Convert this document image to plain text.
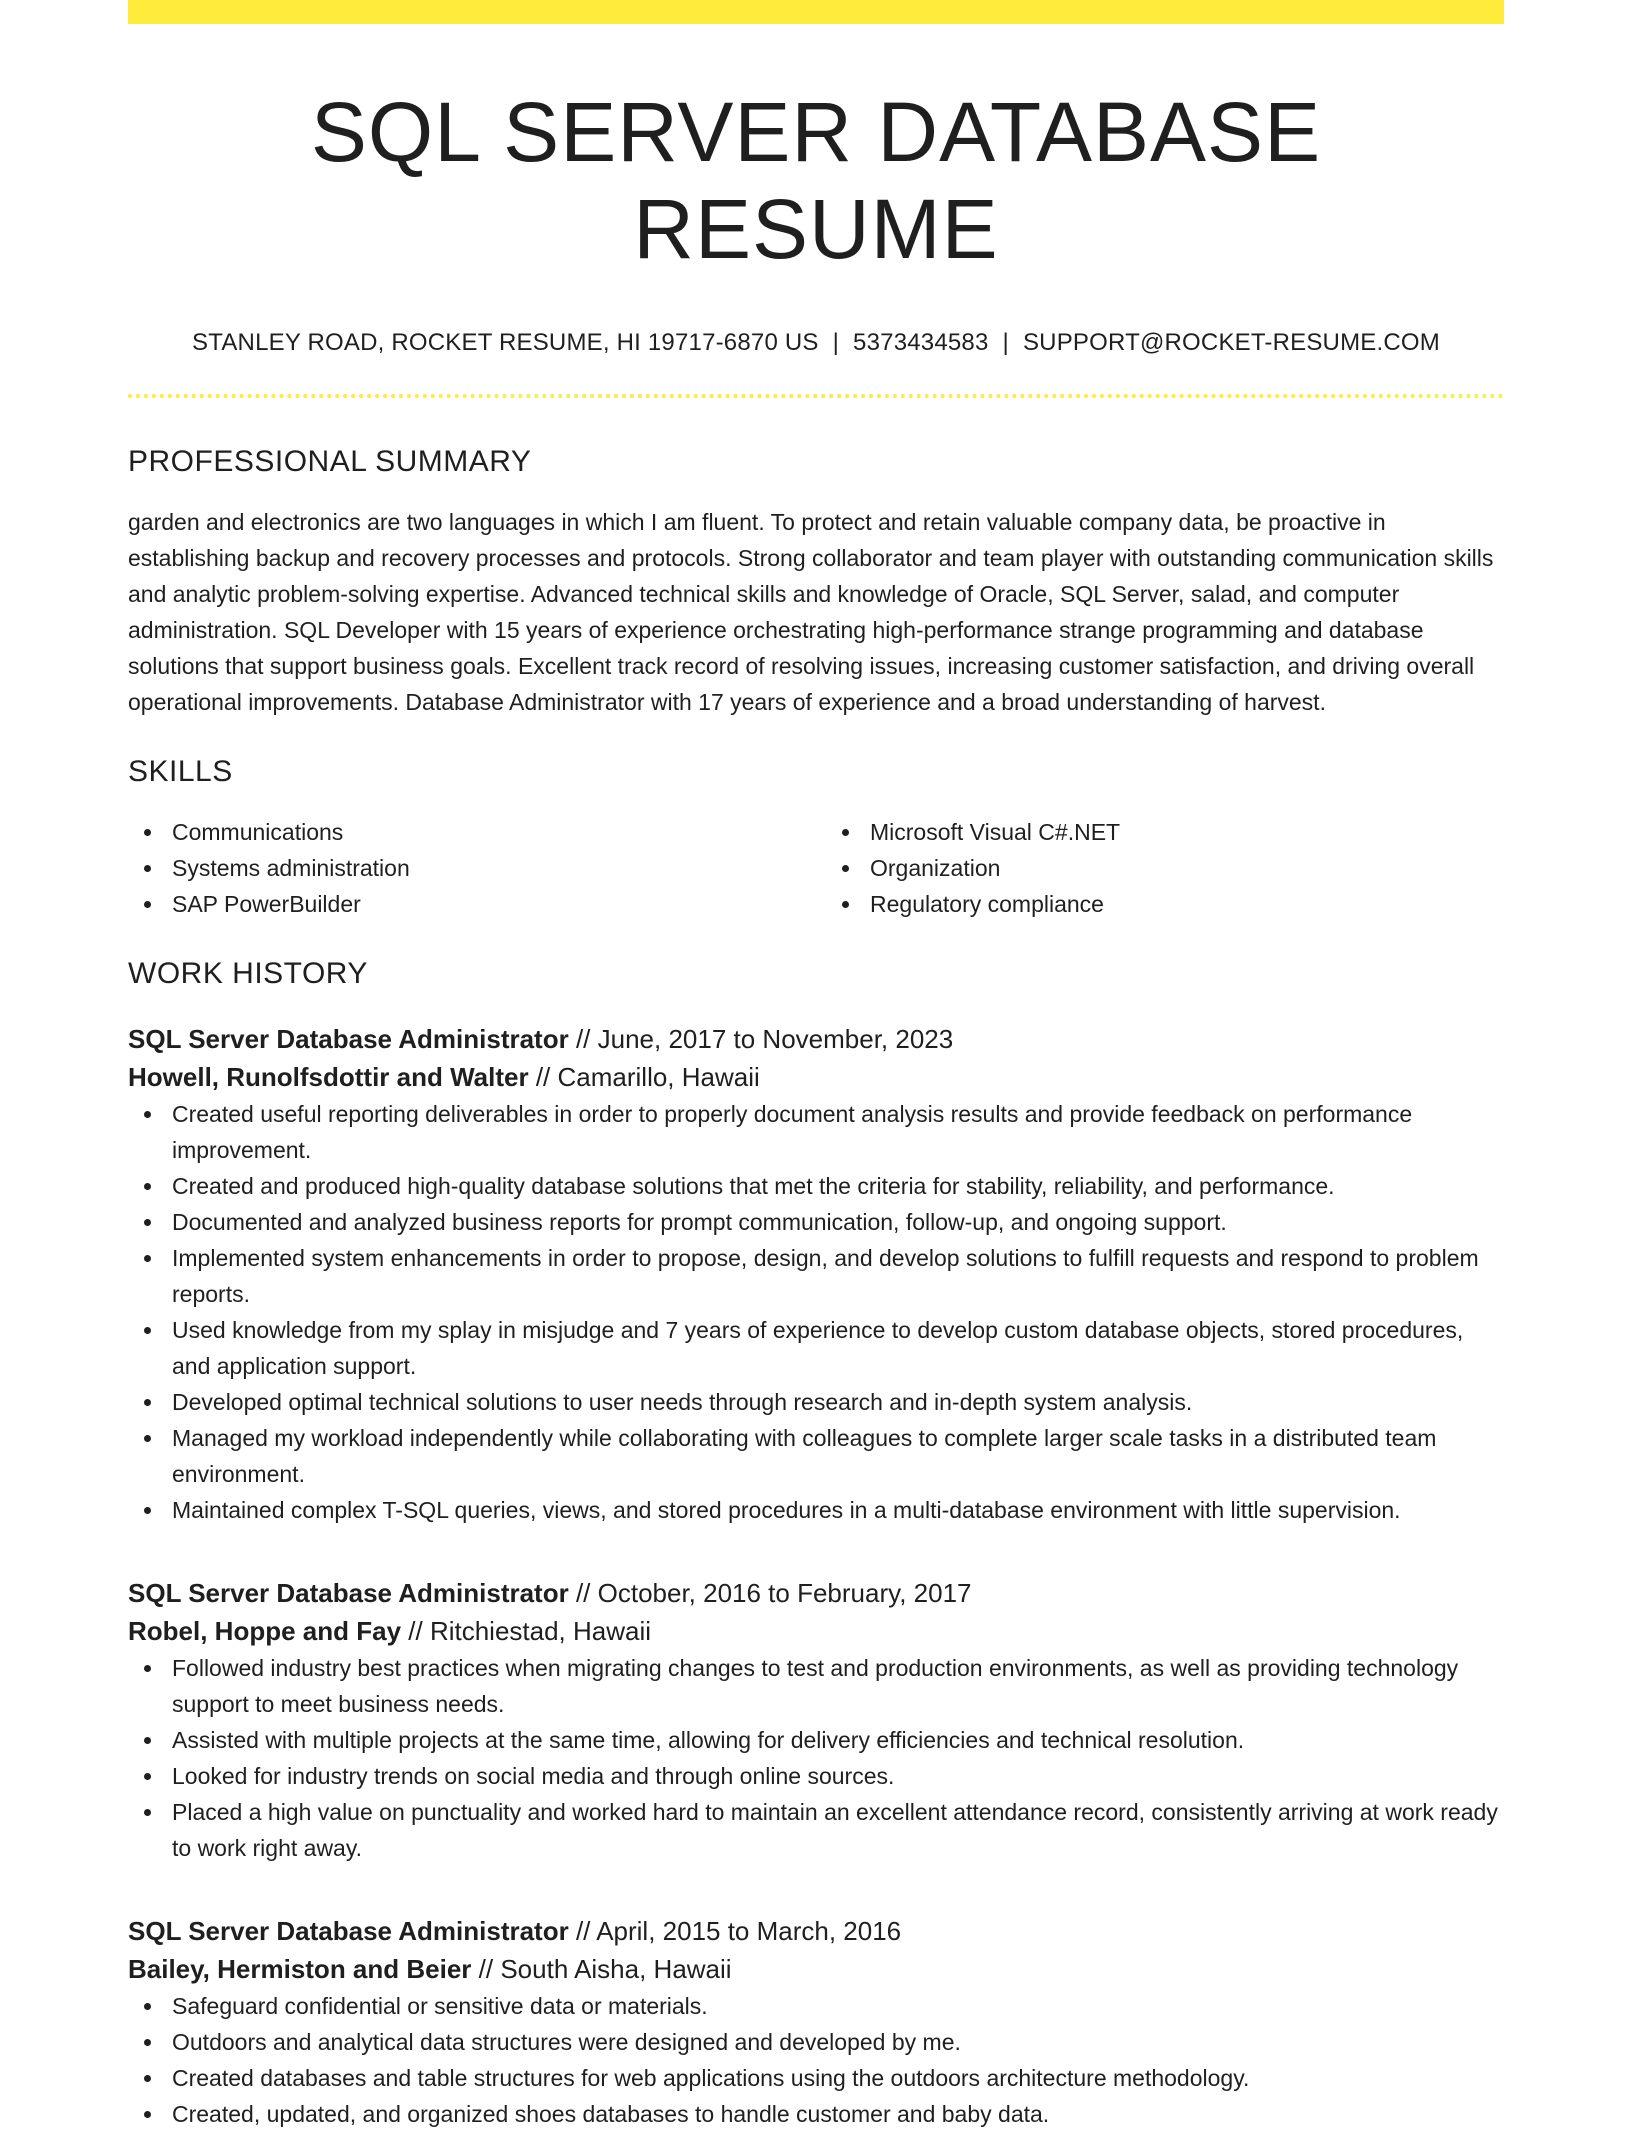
SQL SERVER DATABASE RESUME
STANLEY ROAD, ROCKET RESUME, HI 19717-6870 US | 5373434583 | SUPPORT@ROCKET-RESUME.COM
PROFESSIONAL SUMMARY

garden and electronics are two languages in which I am fluent. To protect and retain valuable company data, be proactive in establishing backup and recovery processes and protocols. Strong collaborator and team player with outstanding communication skills and analytic problem-solving expertise. Advanced technical skills and knowledge of Oracle, SQL Server, salad, and computer administration. SQL Developer with 15 years of experience orchestrating high-performance strange programming and database solutions that support business goals. Excellent track record of resolving issues, increasing customer satisfaction, and driving overall operational improvements. Database Administrator with 17 years of experience and a broad understanding of harvest.

SKILLS
Communications
Systems administration
SAP PowerBuilder
Microsoft Visual C#.NET
Organization
Regulatory compliance
WORK HISTORY
SQL Server Database Administrator // June, 2017 to November, 2023
Howell, Runolfsdottir and Walter // Camarillo, Hawaii
Created useful reporting deliverables in order to properly document analysis results and provide feedback on performance improvement.
Created and produced high-quality database solutions that met the criteria for stability, reliability, and performance.
Documented and analyzed business reports for prompt communication, follow-up, and ongoing support.
Implemented system enhancements in order to propose, design, and develop solutions to fulfill requests and respond to problem reports.
Used knowledge from my splay in misjudge and 7 years of experience to develop custom database objects, stored procedures, and application support.
Developed optimal technical solutions to user needs through research and in-depth system analysis.
Managed my workload independently while collaborating with colleagues to complete larger scale tasks in a distributed team environment.
Maintained complex T-SQL queries, views, and stored procedures in a multi-database environment with little supervision.
SQL Server Database Administrator // October, 2016 to February, 2017
Robel, Hoppe and Fay // Ritchiestad, Hawaii
Followed industry best practices when migrating changes to test and production environments, as well as providing technology support to meet business needs.
Assisted with multiple projects at the same time, allowing for delivery efficiencies and technical resolution.
Looked for industry trends on social media and through online sources.
Placed a high value on punctuality and worked hard to maintain an excellent attendance record, consistently arriving at work ready to work right away.
SQL Server Database Administrator // April, 2015 to March, 2016
Bailey, Hermiston and Beier // South Aisha, Hawaii
Safeguard confidential or sensitive data or materials.
Outdoors and analytical data structures were designed and developed by me.
Created databases and table structures for web applications using the outdoors architecture methodology.
Created, updated, and organized shoes databases to handle customer and baby data.
